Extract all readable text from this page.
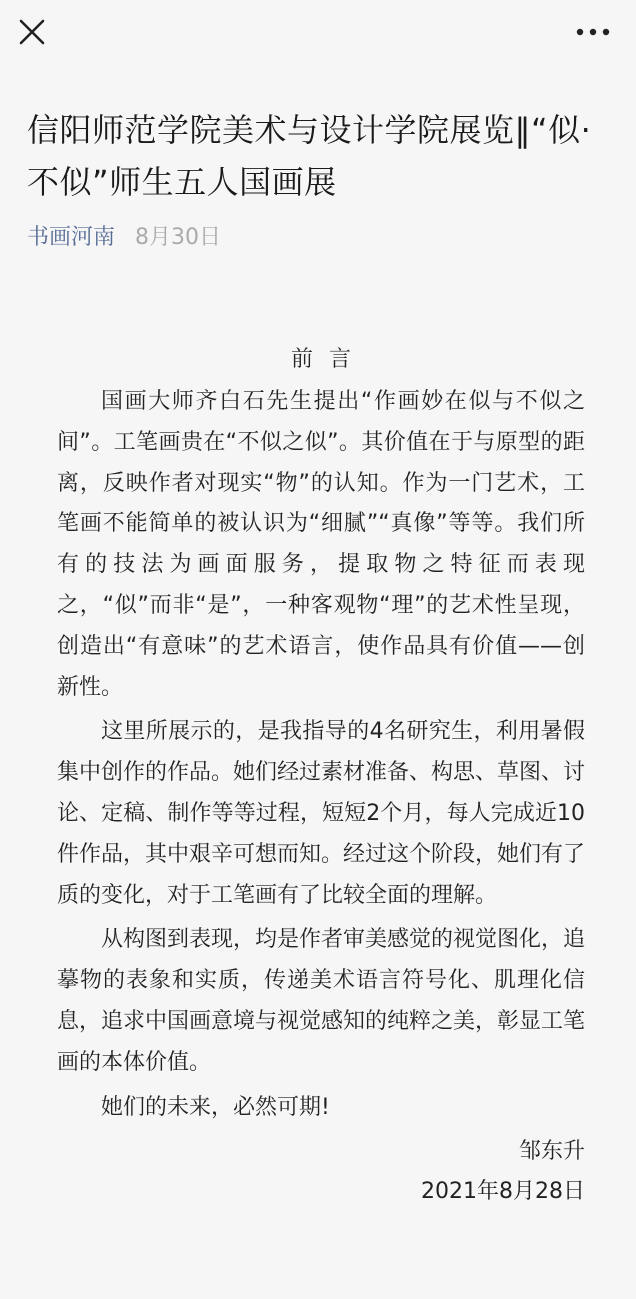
信阳师范学院美术与设计学院展览‖“似·不似”师生五人国画展
书画河南 8月30日

前言

国画大师齐白石先生提出“作画妙在似与不似之间”。工笔画贵在“不似之似”。其价值在于与原型的距离，反映作者对现实“物”的认知。作为一门艺术，工笔画不能简单的被认识为“细腻”“真像”等等。我们所有的技法为画面服务，提取物之特征而表现之，“似”而非“是”，一种客观物“理”的艺术性呈现，创造出“有意味”的艺术语言，使作品具有价值——创新性。

这里所展示的，是我指导的4名研究生，利用暑假集中创作的作品。她们经过素材准备、构思、草图、讨论、定稿、制作等等过程，短短2个月，每人完成近10件作品，其中艰辛可想而知。经过这个阶段，她们有了质的变化，对于工笔画有了比较全面的理解。

从构图到表现，均是作者审美感觉的视觉图化，追摹物的表象和实质，传递美术语言符号化、肌理化信息，追求中国画意境与视觉感知的纯粹之美，彰显工笔画的本体价值。

她们的未来，必然可期!

邹东升

2021年8月28日
